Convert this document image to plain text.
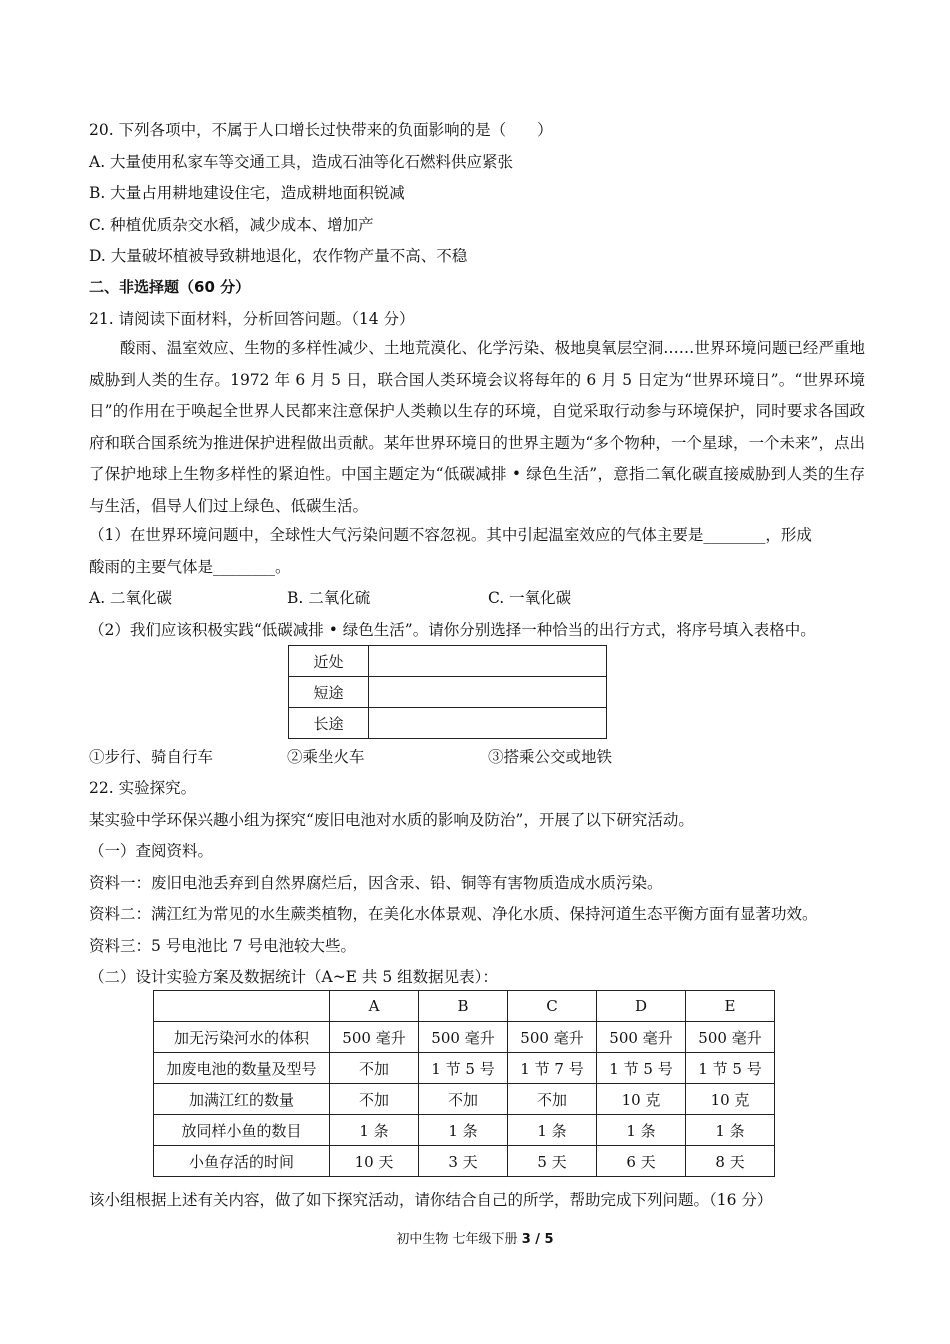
20. 下列各项中，不属于人口增长过快带来的负面影响的是（　　）
A. 大量使用私家车等交通工具，造成石油等化石燃料供应紧张
B. 大量占用耕地建设住宅，造成耕地面积锐减
C. 种植优质杂交水稻，减少成本、增加产
D. 大量破坏植被导致耕地退化，农作物产量不高、不稳
二、非选择题（60 分）
21. 请阅读下面材料，分析回答问题。（14 分）
酸雨、温室效应、生物的多样性减少、土地荒漠化、化学污染、极地臭氧层空洞……世界环境问题已经严重地威胁到人类的生存。1972 年 6 月 5 日，联合国人类环境会议将每年的 6 月 5 日定为“世界环境日”。“世界环境日”的作用在于唤起全世界人民都来注意保护人类赖以生存的环境，自觉采取行动参与环境保护，同时要求各国政府和联合国系统为推进保护进程做出贡献。某年世界环境日的世界主题为“多个物种，一个星球，一个未来”，点出了保护地球上生物多样性的紧迫性。中国主题定为“低碳减排 • 绿色生活”，意指二氧化碳直接威胁到人类的生存与生活，倡导人们过上绿色、低碳生活。
（1）在世界环境问题中，全球性大气污染问题不容忽视。其中引起温室效应的气体主要是________，形成
酸雨的主要气体是________。
A. 二氧化碳	B. 二氧化硫	C. 一氧化碳
（2）我们应该积极实践“低碳减排 • 绿色生活”。请你分别选择一种恰当的出行方式，将序号填入表格中。
近处	
短途	
长途	
①步行、骑自行车	②乘坐火车	③搭乘公交或地铁
22. 实验探究。
某实验中学环保兴趣小组为探究“废旧电池对水质的影响及防治”，开展了以下研究活动。
（一）查阅资料。
资料一：废旧电池丢弃到自然界腐烂后，因含汞、铅、铜等有害物质造成水质污染。
资料二：满江红为常见的水生蕨类植物，在美化水体景观、净化水质、保持河道生态平衡方面有显著功效。
资料三：5 号电池比 7 号电池较大些。
（二）设计实验方案及数据统计（A~E 共 5 组数据见表）：
	A	B	C	D	E
加无污染河水的体积	500 毫升	500 毫升	500 毫升	500 毫升	500 毫升
加废电池的数量及型号	不加	1 节 5 号	1 节 7 号	1 节 5 号	1 节 5 号
加满江红的数量	不加	不加	不加	10 克	10 克
放同样小鱼的数目	1 条	1 条	1 条	1 条	1 条
小鱼存活的时间	10 天	3 天	5 天	6 天	8 天
该小组根据上述有关内容，做了如下探究活动，请你结合自己的所学，帮助完成下列问题。（16 分）
初中生物 七年级下册 3 / 5
